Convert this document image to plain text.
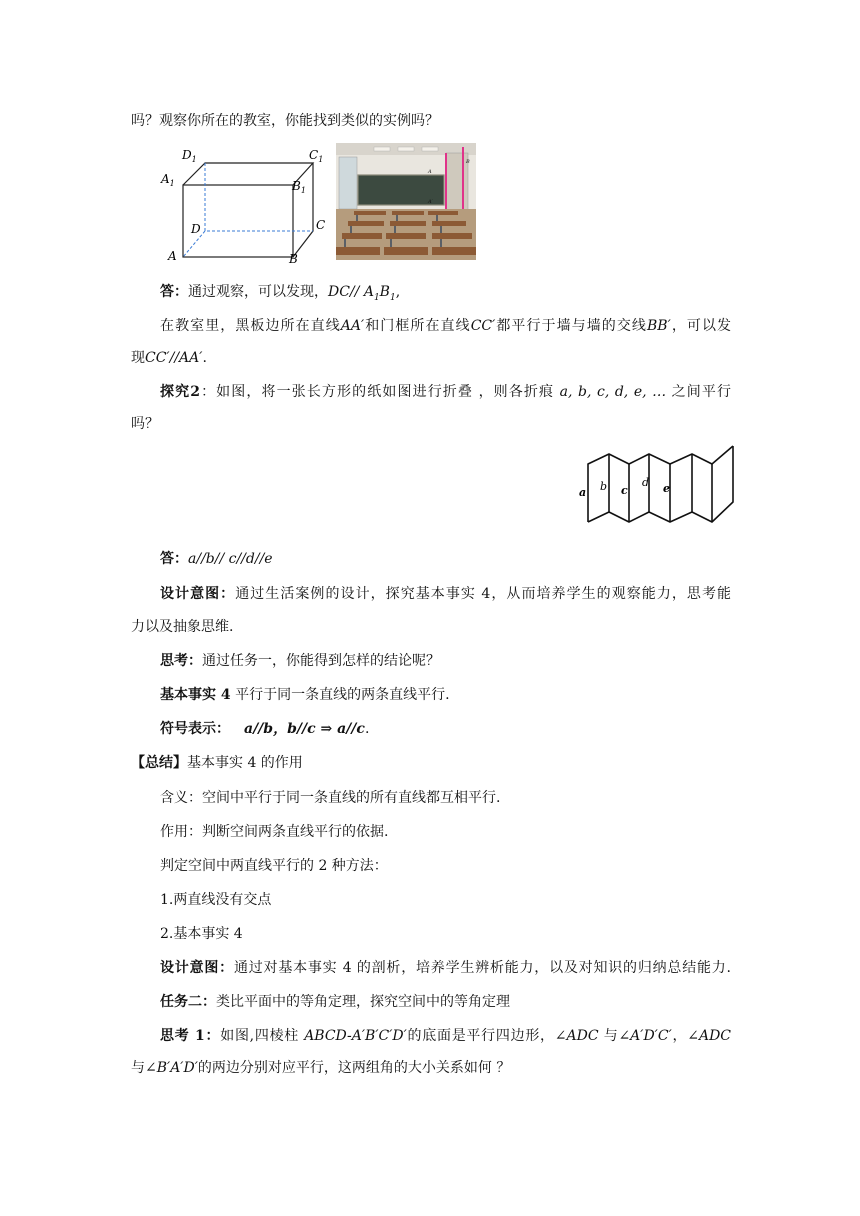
吗？观察你所在的教室，你能找到类似的实例吗？
$D_1$	$C_1$
$A_1$	$B_1$
D	C
A	B
A
A′
B
答：通过观察，可以发现，DC// $A_1B_1$,
在教室里，黑板边所在直线AA′和门框所在直线CC′都平行于墙与墙的交线BB′，可以发
现CC′//AA′.
探究2：如图，将一张长方形的纸如图进行折叠 ，则各折痕 a, b, c, d, e, … 之间平行
吗？
a b c
d e
答：a//b// c//d//e
设计意图：通过生活案例的设计，探究基本事实 4，从而培养学生的观察能力，思考能
力以及抽象思维.
思考：通过任务一，你能得到怎样的结论呢？
基本事实 4 平行于同一条直线的两条直线平行.
符号表示： a//b，b//c ⇒ a//c.
【总结】基本事实 4 的作用
含义：空间中平行于同一条直线的所有直线都互相平行.
作用：判断空间两条直线平行的依据.
判定空间中两直线平行的 2 种方法：
1.两直线没有交点
2.基本事实 4
设计意图：通过对基本事实 4 的剖析，培养学生辨析能力，以及对知识的归纳总结能力.
任务二：类比平面中的等角定理，探究空间中的等角定理
思考 1：如图,四棱柱 ABCD-A′B′C′D′的底面是平行四边形，∠ADC 与∠A′D′C′，∠ADC
与∠B′A′D′的两边分别对应平行，这两组角的大小关系如何 ？
